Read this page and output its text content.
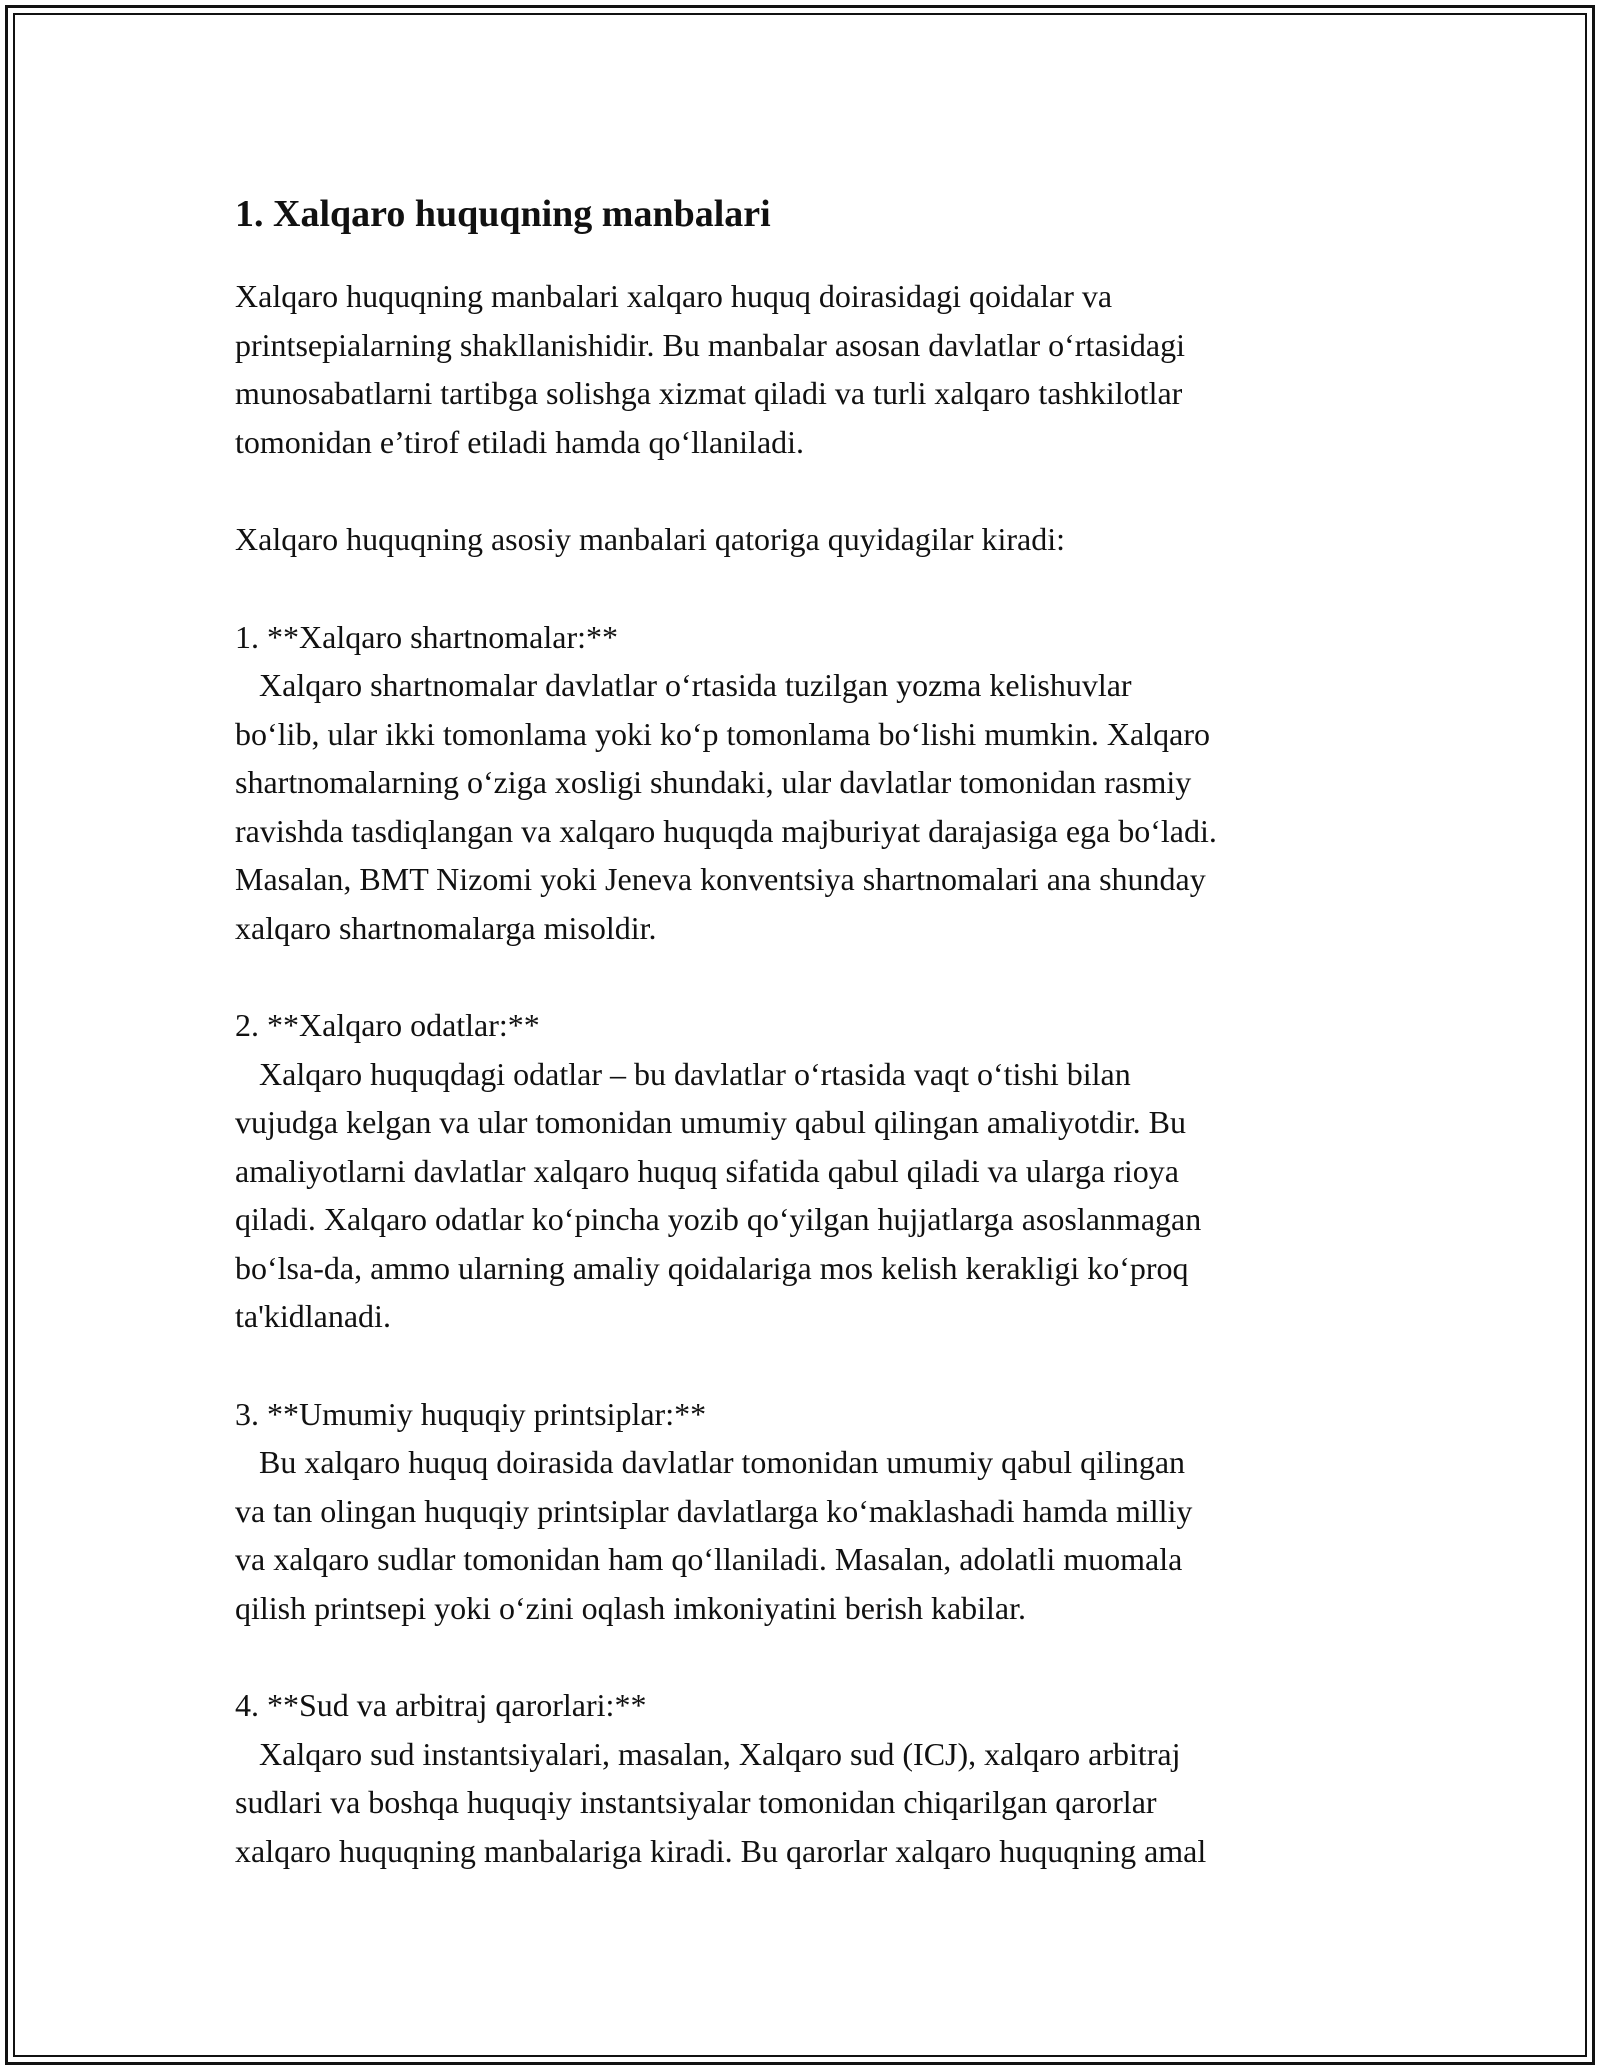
1. Xalqaro huquqning manbalari
Xalqaro huquqning manbalari xalqaro huquq doirasidagi qoidalar va
printsepialarning shakllanishidir. Bu manbalar asosan davlatlar oʻrtasidagi
munosabatlarni tartibga solishga xizmat qiladi va turli xalqaro tashkilotlar
tomonidan e’tirof etiladi hamda qoʻllaniladi.
Xalqaro huquqning asosiy manbalari qatoriga quyidagilar kiradi:
1. **Xalqaro shartnomalar:**
Xalqaro shartnomalar davlatlar oʻrtasida tuzilgan yozma kelishuvlar
boʻlib, ular ikki tomonlama yoki koʻp tomonlama boʻlishi mumkin. Xalqaro
shartnomalarning oʻziga xosligi shundaki, ular davlatlar tomonidan rasmiy
ravishda tasdiqlangan va xalqaro huquqda majburiyat darajasiga ega boʻladi.
Masalan, BMT Nizomi yoki Jeneva konventsiya shartnomalari ana shunday
xalqaro shartnomalarga misoldir.
2. **Xalqaro odatlar:**
Xalqaro huquqdagi odatlar – bu davlatlar oʻrtasida vaqt oʻtishi bilan
vujudga kelgan va ular tomonidan umumiy qabul qilingan amaliyotdir. Bu
amaliyotlarni davlatlar xalqaro huquq sifatida qabul qiladi va ularga rioya
qiladi. Xalqaro odatlar koʻpincha yozib qoʻyilgan hujjatlarga asoslanmagan
boʻlsa-da, ammo ularning amaliy qoidalariga mos kelish kerakligi koʻproq
ta'kidlanadi.
3. **Umumiy huquqiy printsiplar:**
Bu xalqaro huquq doirasida davlatlar tomonidan umumiy qabul qilingan
va tan olingan huquqiy printsiplar davlatlarga koʻmaklashadi hamda milliy
va xalqaro sudlar tomonidan ham qoʻllaniladi. Masalan, adolatli muomala
qilish printsepi yoki oʻzini oqlash imkoniyatini berish kabilar.
4. **Sud va arbitraj qarorlari:**
Xalqaro sud instantsiyalari, masalan, Xalqaro sud (ICJ), xalqaro arbitraj
sudlari va boshqa huquqiy instantsiyalar tomonidan chiqarilgan qarorlar
xalqaro huquqning manbalariga kiradi. Bu qarorlar xalqaro huquqning amal
